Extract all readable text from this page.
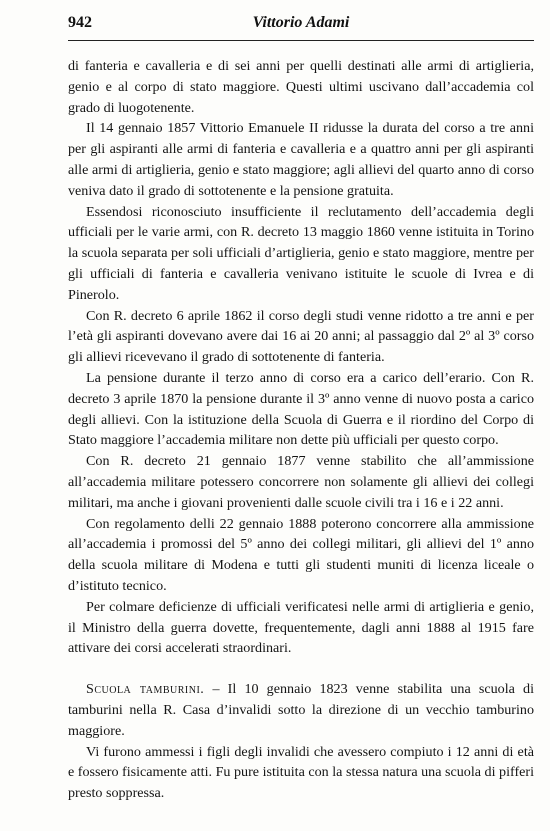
942	Vittorio Adami

di fanteria e cavalleria e di sei anni per quelli destinati alle armi di artiglieria, genio e al corpo di stato maggiore. Questi ultimi uscivano dall’accademia col grado di luogotenente.

Il 14 gennaio 1857 Vittorio Emanuele II ridusse la durata del corso a tre anni per gli aspiranti alle armi di fanteria e cavalleria e a quattro anni per gli aspiranti alle armi di artiglieria, genio e stato maggiore; agli allievi del quarto anno di corso veniva dato il grado di sottotenente e la pensione gratuita.

Essendosi riconosciuto insufficiente il reclutamento dell’accademia degli ufficiali per le varie armi, con R. decreto 13 maggio 1860 venne istituita in Torino la scuola separata per soli ufficiali d’artiglieria, genio e stato maggiore, mentre per gli ufficiali di fanteria e cavalleria venivano istituite le scuole di Ivrea e di Pinerolo.

Con R. decreto 6 aprile 1862 il corso degli studi venne ridotto a tre anni e per l’età gli aspiranti dovevano avere dai 16 ai 20 anni; al passaggio dal 2º al 3º corso gli allievi ricevevano il grado di sottotenente di fanteria.

La pensione durante il terzo anno di corso era a carico dell’erario. Con R. decreto 3 aprile 1870 la pensione durante il 3º anno venne di nuovo posta a carico degli allievi. Con la istituzione della Scuola di Guerra e il riordino del Corpo di Stato maggiore l’accademia militare non dette più ufficiali per questo corpo.

Con R. decreto 21 gennaio 1877 venne stabilito che all’ammissione all’accademia militare potessero concorrere non solamente gli allievi dei collegi militari, ma anche i giovani provenienti dalle scuole civili tra i 16 e i 22 anni.

Con regolamento delli 22 gennaio 1888 poterono concorrere alla ammissione all’accademia i promossi del 5º anno dei collegi militari, gli allievi del 1º anno della scuola militare di Modena e tutti gli studenti muniti di licenza liceale o d’istituto tecnico.

Per colmare deficienze di ufficiali verificatesi nelle armi di artiglieria e genio, il Ministro della guerra dovette, frequentemente, dagli anni 1888 al 1915 fare attivare dei corsi accelerati straordinari.

Scuola tamburini. – Il 10 gennaio 1823 venne stabilita una scuola di tamburini nella R. Casa d’invalidi sotto la direzione di un vecchio tamburino maggiore.

Vi furono ammessi i figli degli invalidi che avessero compiuto i 12 anni di età e fossero fisicamente atti. Fu pure istituita con la stessa natura una scuola di pifferi presto soppressa.
